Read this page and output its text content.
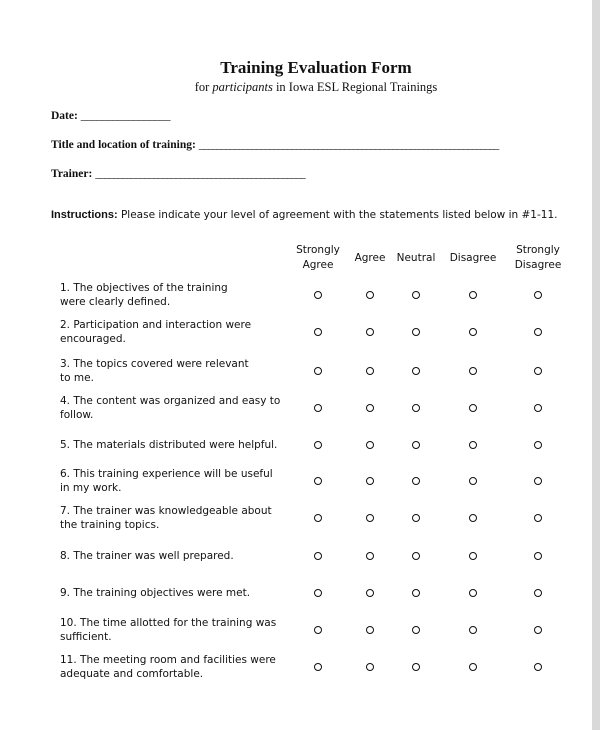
Training Evaluation Form
for participants in Iowa ESL Regional Trainings
Date: _________________
Title and location of training: ____________________________________________________________________
Trainer: _______________________________________________
Instructions: Please indicate your level of agreement with the statements listed below in #1-11.
Strongly
Agree
Agree Neutral Disagree
Strongly
Disagree
1. The objectives of the training
were clearly defined.
2. Participation and interaction were
encouraged.
3. The topics covered were relevant
to me.
4. The content was organized and easy to
follow.
5. The materials distributed were helpful.
6. This training experience will be useful
in my work.
7. The trainer was knowledgeable about
the training topics.
8. The trainer was well prepared.
9. The training objectives were met.
10. The time allotted for the training was
sufficient.
11. The meeting room and facilities were
adequate and comfortable.
